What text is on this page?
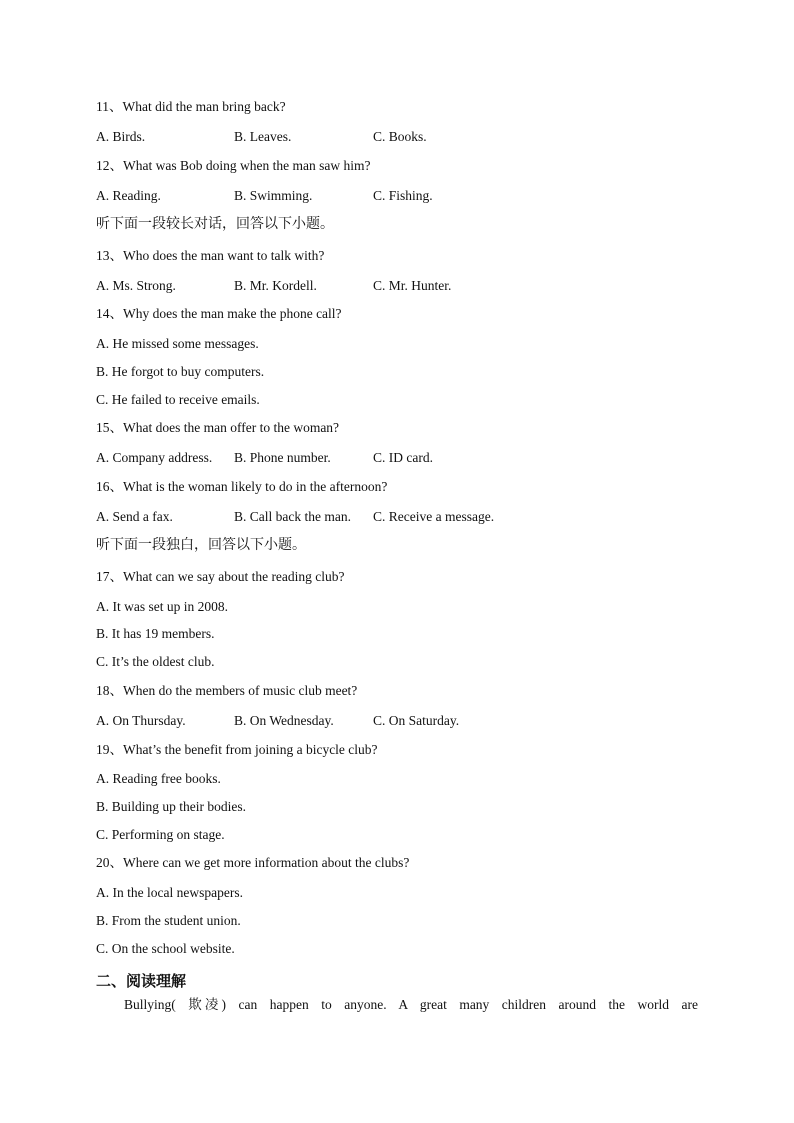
11、What did the man bring back?
A. Birds.	B. Leaves.	C. Books.
12、What was Bob doing when the man saw him?
A. Reading.	B. Swimming.	C. Fishing.
听下面一段较长对话，回答以下小题。
13、Who does the man want to talk with?
A. Ms. Strong.	B. Mr. Kordell.	C. Mr. Hunter.
14、Why does the man make the phone call?
A. He missed some messages.
B. He forgot to buy computers.
C. He failed to receive emails.
15、What does the man offer to the woman?
A. Company address. B. Phone number.	C. ID card.
16、What is the woman likely to do in the afternoon?
A. Send a fax.	B. Call back the man. C. Receive a message.
听下面一段独白，回答以下小题。
17、What can we say about the reading club?
A. It was set up in 2008.
B. It has 19 members.
C. It’s the oldest club.
18、When do the members of music club meet?
A. On Thursday.	B. On Wednesday.	C. On Saturday.
19、What’s the benefit from joining a bicycle club?
A. Reading free books.
B. Building up their bodies.
C. Performing on stage.
20、Where can we get more information about the clubs?
A. In the local newspapers.
B. From the student union.
C. On the school website.
二、阅读理解
Bullying( 欺凌) can happen to anyone. A great many children around the world are
